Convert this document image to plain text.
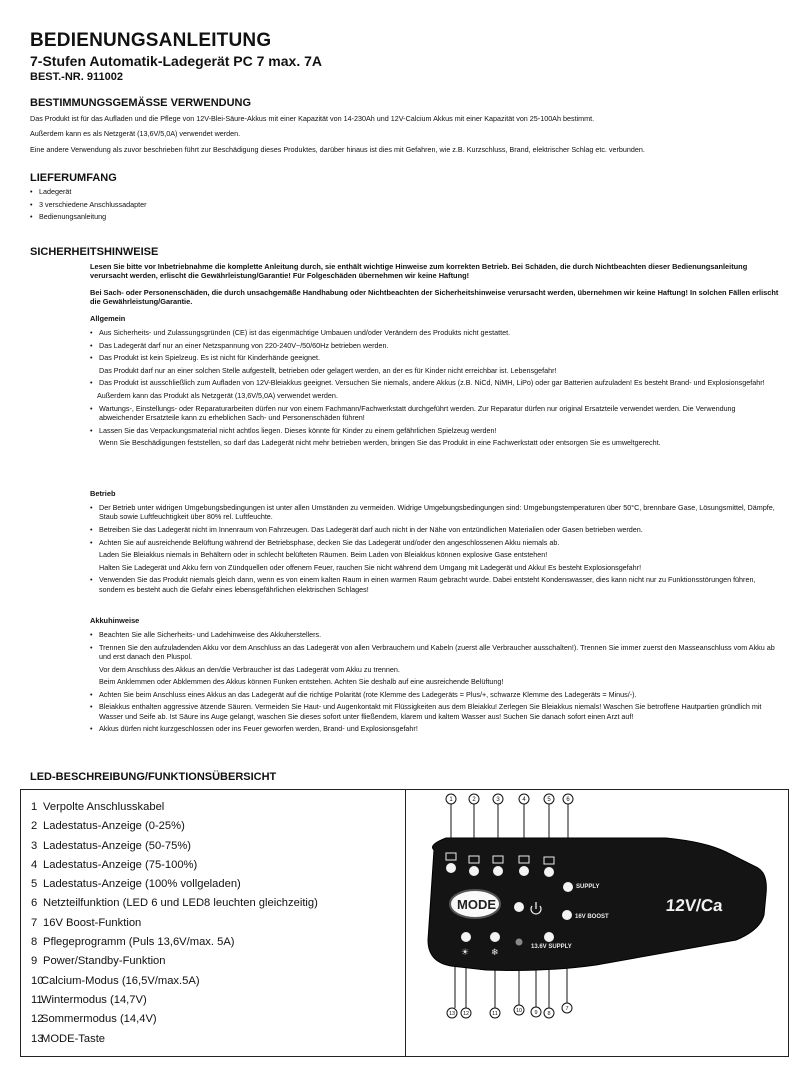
BEDIENUNGSANLEITUNG
7-Stufen Automatik-Ladegerät PC 7 max. 7A
BEST.-NR. 911002
BESTIMMUNGSGEMÄSSE VERWENDUNG
Das Produkt ist für das Aufladen und die Pflege von 12V-Blei-Säure-Akkus mit einer Kapazität von 14-230Ah und 12V-Calcium Akkus mit einer Kapazität von 25-100Ah bestimmt.
Außerdem kann es als Netzgerät (13,6V/5,0A) verwendet werden.
Eine andere Verwendung als zuvor beschrieben führt zur Beschädigung dieses Produktes, darüber hinaus ist dies mit Gefahren, wie z.B. Kurzschluss, Brand, elektrischer Schlag etc. verbunden.
LIEFERUMFANG
• Ladegerät
• 3 verschiedene Anschlussadapter
• Bedienungsanleitung
SICHERHEITSHINWEISE
Lesen Sie bitte vor Inbetriebnahme die komplette Anleitung durch, sie enthält wichtige Hinweise zum korrekten Betrieb. Bei Schäden, die durch Nichtbeachten dieser Bedienungsanleitung verursacht werden, erlischt die Gewährleistung/Garantie! Für Folgeschäden übernehmen wir keine Haftung!
Bei Sach- oder Personenschäden, die durch unsachgemäße Handhabung oder Nichtbeachten der Sicherheitshinweise verursacht werden, übernehmen wir keine Haftung! In solchen Fällen erlischt die Gewährleistung/Garantie.
Allgemein
• Aus Sicherheits- und Zulassungsgründen (CE) ist das eigenmächtige Umbauen und/oder Verändern des Produkts nicht gestattet.
• Das Ladegerät darf nur an einer Netzspannung von 220-240V~/50/60Hz betrieben werden.
• Das Produkt ist kein Spielzeug. Es ist nicht für Kinderhände geeignet.
Das Produkt darf nur an einer solchen Stelle aufgestellt, betrieben oder gelagert werden, an der es für Kinder nicht erreichbar ist. Lebensgefahr!
• Das Produkt ist ausschließlich zum Aufladen von 12V-Bleiakkus geeignet. Versuchen Sie niemals, andere Akkus (z.B. NiCd, NiMH, LiPo) oder gar Batterien aufzuladen! Es besteht Brand- und Explosionsgefahr!
Außerdem kann das Produkt als Netzgerät (13,6V/5,0A) verwendet werden.
• Wartungs-, Einstellungs- oder Reparaturarbeiten dürfen nur von einem Fachmann/Fachwerkstatt durchgeführt werden. Zur Reparatur dürfen nur original Ersatzteile verwendet werden. Die Verwendung abweichender Ersatzteile kann zu erheblichen Sach- und Personenschäden führen!
• Lassen Sie das Verpackungsmaterial nicht achtlos liegen. Dieses könnte für Kinder zu einem gefährlichen Spielzeug werden!
Wenn Sie Beschädigungen feststellen, so darf das Ladegerät nicht mehr betrieben werden, bringen Sie das Produkt in eine Fachwerkstatt oder entsorgen Sie es umweltgerecht.
Betrieb
• Der Betrieb unter widrigen Umgebungsbedingungen ist unter allen Umständen zu vermeiden. Widrige Umgebungsbedingungen sind: Umgebungstemperaturen über 50°C, brennbare Gase, Lösungsmittel, Dämpfe, Staub sowie Luftfeuchtigkeit über 80% rel. Luftfeuchte.
• Betreiben Sie das Ladegerät nicht im Innenraum von Fahrzeugen. Das Ladegerät darf auch nicht in der Nähe von entzündlichen Materialien oder Gasen betrieben werden.
• Achten Sie auf ausreichende Belüftung während der Betriebsphase, decken Sie das Ladegerät und/oder den angeschlossenen Akku niemals ab.
Laden Sie Bleiakkus niemals in Behältern oder in schlecht belüfteten Räumen. Beim Laden von Bleiakkus können explosive Gase entstehen!
Halten Sie Ladegerät und Akku fern von Zündquellen oder offenem Feuer, rauchen Sie nicht während dem Umgang mit Ladegerät und Akku! Es besteht Explosionsgefahr!
• Verwenden Sie das Produkt niemals gleich dann, wenn es von einem kalten Raum in einen warmen Raum gebracht wurde. Dabei entsteht Kondenswasser, dies kann nicht nur zu Funktionsstörungen führen, sondern es besteht auch die Gefahr eines lebensgefährlichen elektrischen Schlages!
Akkuhinweise
• Beachten Sie alle Sicherheits- und Ladehinweise des Akkuherstellers.
• Trennen Sie den aufzuladenden Akku vor dem Anschluss an das Ladegerät von allen Verbrauchern und Kabeln (zuerst alle Verbraucher ausschalten!). Trennen Sie immer zuerst den Masseanschluss vom Akku ab und erst danach den Pluspol.
Vor dem Anschluss des Akkus an den/die Verbraucher ist das Ladegerät vom Akku zu trennen.
Beim Anklemmen oder Abklemmen des Akkus können Funken entstehen. Achten Sie deshalb auf eine ausreichende Belüftung!
• Achten Sie beim Anschluss eines Akkus an das Ladegerät auf die richtige Polarität (rote Klemme des Ladegeräts = Plus/+, schwarze Klemme des Ladegeräts = Minus/-).
• Bleiakkus enthalten aggressive ätzende Säuren. Vermeiden Sie Haut- und Augenkontakt mit Flüssigkeiten aus dem Bleiakku! Zerlegen Sie Bleiakkus niemals! Waschen Sie betroffene Hautpartien gründlich mit Wasser und Seife ab. Ist Säure ins Auge gelangt, waschen Sie dieses sofort unter fließendem, klarem und kaltem Wasser aus! Suchen Sie danach sofort einen Arzt auf!
• Akkus dürfen nicht kurzgeschlossen oder ins Feuer geworfen werden, Brand- und Explosionsgefahr!
LED-BESCHREIBUNG/FUNKTIONSÜBERSICHT
1 Verpolte Anschlusskabel
2 Ladestatus-Anzeige (0-25%)
3 Ladestatus-Anzeige (50-75%)
4 Ladestatus-Anzeige (75-100%)
5 Ladestatus-Anzeige (100% vollgeladen)
6 Netzteilfunktion (LED 6 und LED8 leuchten gleichzeitig)
7 16V Boost-Funktion
8 Pflegeprogramm (Puls 13,6V/max. 5A)
9 Power/Standby-Funktion
10Calcium-Modus (16,5V/max.5A)
11Wintermodus (14,7V)
12Sommermodus (14,4V)
13MODE-Taste
12V/Ca
MODE
☀ ❄
SUPPLY
16V BOOST
13.6V SUPPLY
1	2	3	4	5	6
13 12	11	10 9 8
7
